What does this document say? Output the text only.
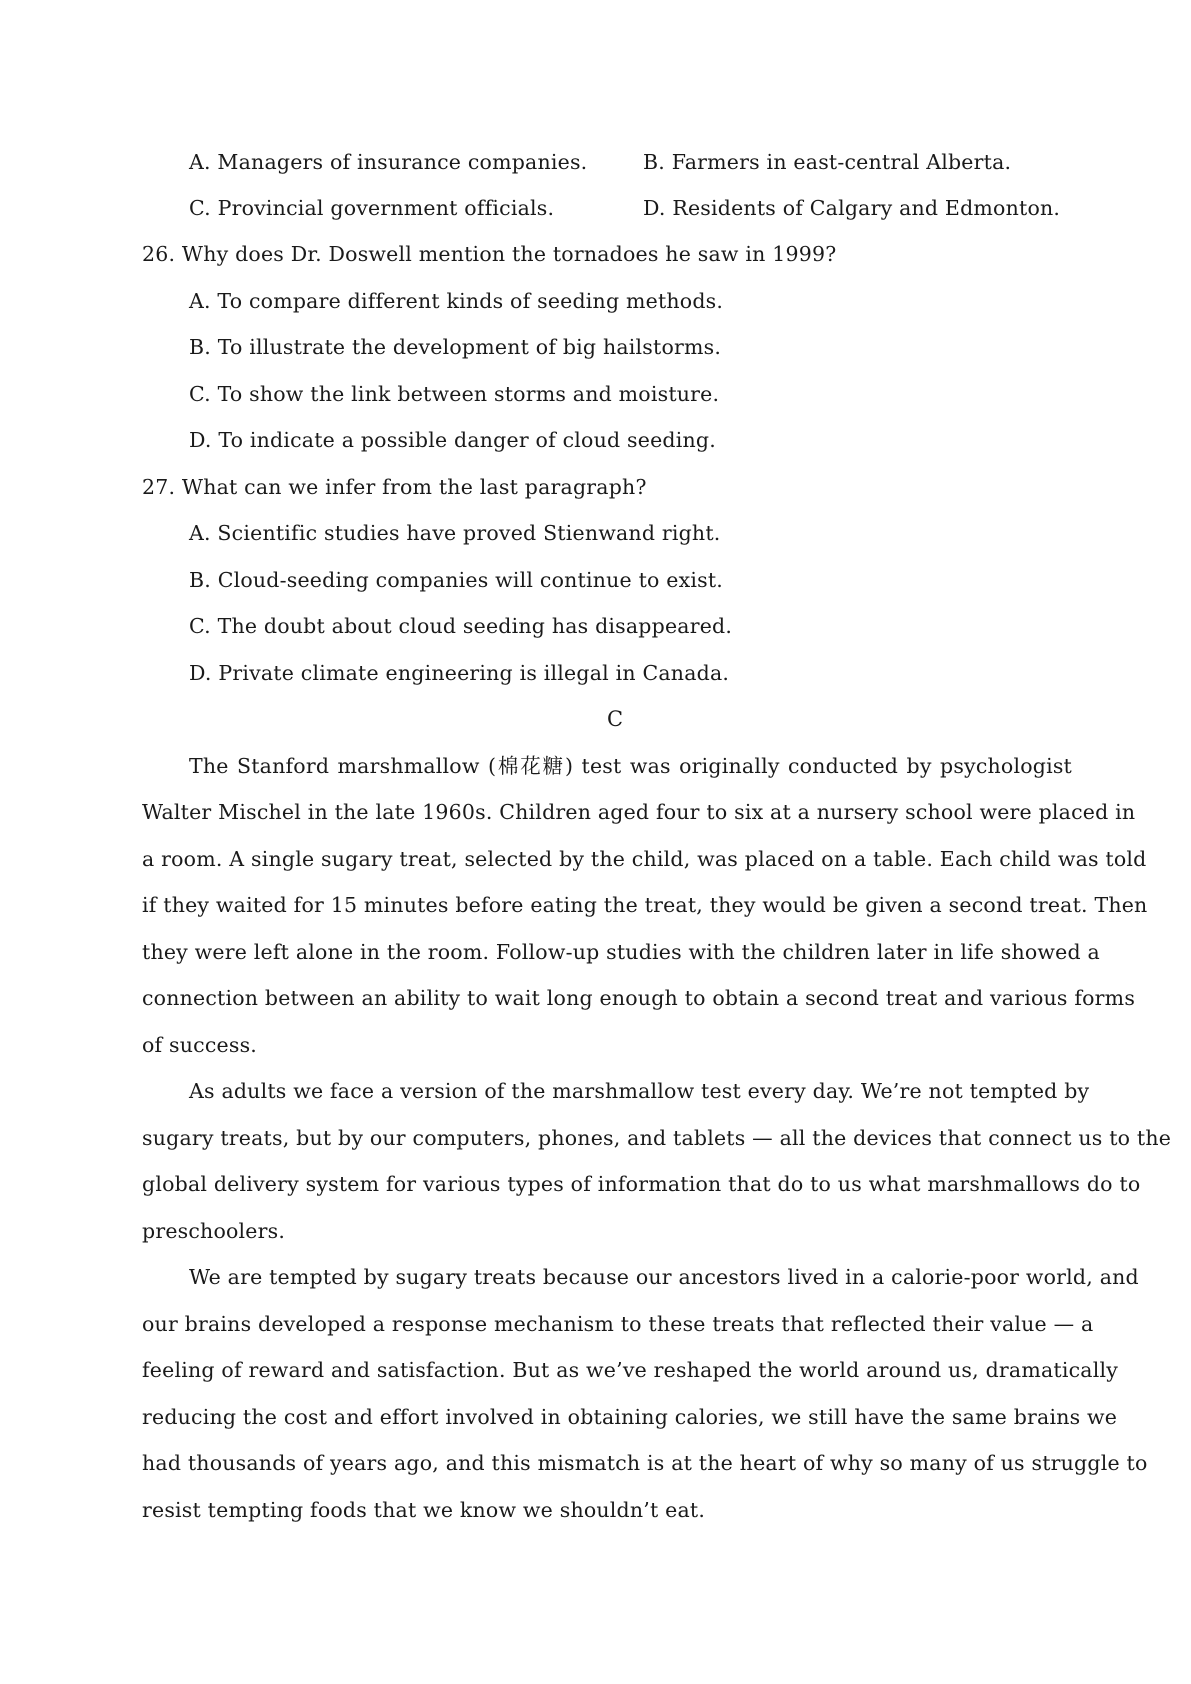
A. Managers of insurance companies.	B. Farmers in east-central Alberta.
C. Provincial government officials.	D. Residents of Calgary and Edmonton.
26. Why does Dr. Doswell mention the tornadoes he saw in 1999?
A. To compare different kinds of seeding methods.
B. To illustrate the development of big hailstorms.
C. To show the link between storms and moisture.
D. To indicate a possible danger of cloud seeding.
27. What can we infer from the last paragraph?
A. Scientific studies have proved Stienwand right.
B. Cloud-seeding companies will continue to exist.
C. The doubt about cloud seeding has disappeared.
D. Private climate engineering is illegal in Canada.
C
The Stanford marshmallow (棉花糖) test was originally conducted by psychologist
Walter Mischel in the late 1960s. Children aged four to six at a nursery school were placed in
a room. A single sugary treat, selected by the child, was placed on a table. Each child was told
if they waited for 15 minutes before eating the treat, they would be given a second treat. Then
they were left alone in the room. Follow-up studies with the children later in life showed a
connection between an ability to wait long enough to obtain a second treat and various forms
of success.
As adults we face a version of the marshmallow test every day. We’re not tempted by
sugary treats, but by our computers, phones, and tablets — all the devices that connect us to the
global delivery system for various types of information that do to us what marshmallows do to
preschoolers.
We are tempted by sugary treats because our ancestors lived in a calorie-poor world, and
our brains developed a response mechanism to these treats that reflected their value — a
feeling of reward and satisfaction. But as we’ve reshaped the world around us, dramatically
reducing the cost and effort involved in obtaining calories, we still have the same brains we
had thousands of years ago, and this mismatch is at the heart of why so many of us struggle to
resist tempting foods that we know we shouldn’t eat.
